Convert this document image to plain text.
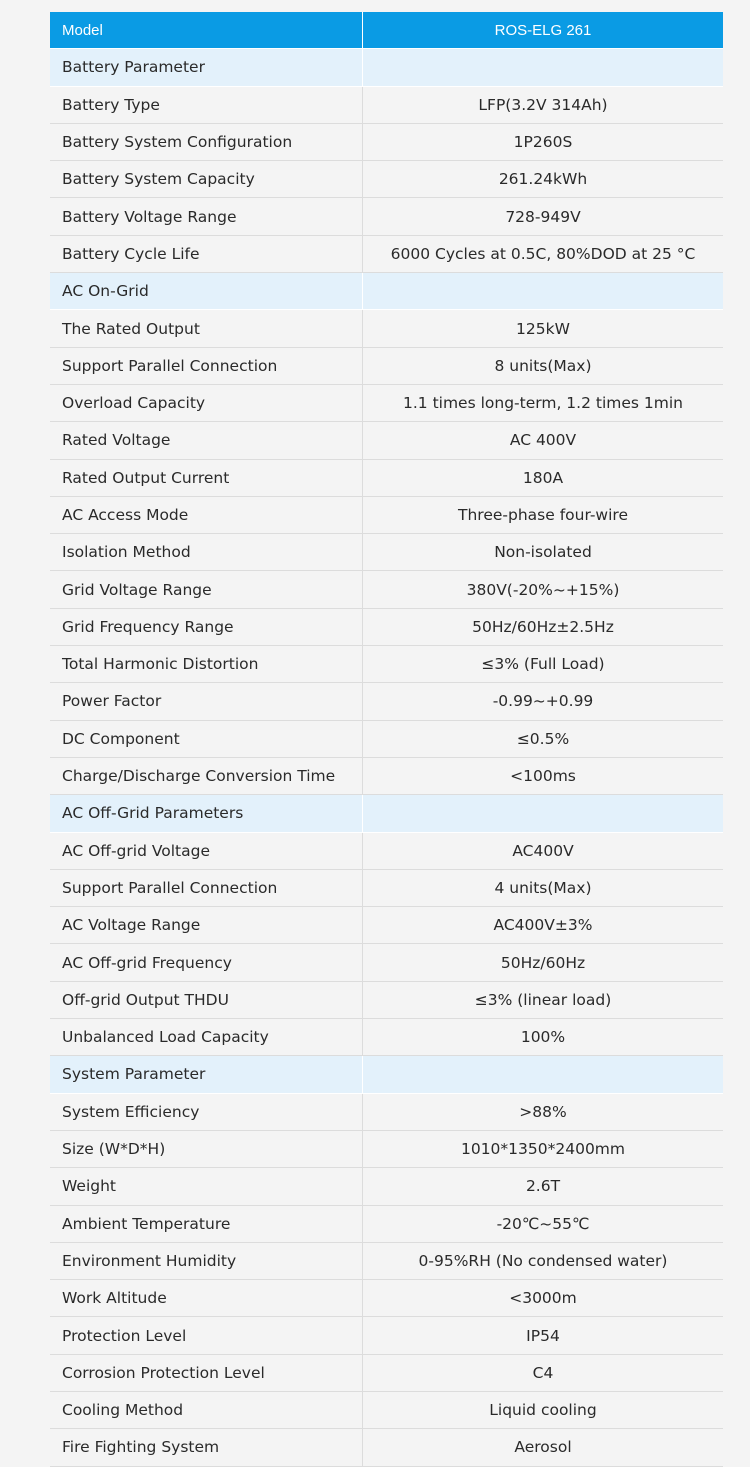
Model	ROS-ELG 261
Battery Parameter	
Battery Type	LFP(3.2V 314Ah)
Battery System Configuration	1P260S
Battery System Capacity	261.24kWh
Battery Voltage Range	728-949V
Battery Cycle Life	6000 Cycles at 0.5C, 80%DOD at 25 °C
AC On-Grid	
The Rated Output	125kW
Support Parallel Connection	8 units(Max)
Overload Capacity	1.1 times long-term, 1.2 times 1min
Rated Voltage	AC 400V
Rated Output Current	180A
AC Access Mode	Three-phase four-wire
Isolation Method	Non-isolated
Grid Voltage Range	380V(-20%~+15%)
Grid Frequency Range	50Hz/60Hz±2.5Hz
Total Harmonic Distortion	≤3% (Full Load)
Power Factor	-0.99~+0.99
DC Component	≤0.5%
Charge/Discharge Conversion Time	<100ms
AC Off-Grid Parameters	
AC Off-grid Voltage	AC400V
Support Parallel Connection	4 units(Max)
AC Voltage Range	AC400V±3%
AC Off-grid Frequency	50Hz/60Hz
Off-grid Output THDU	≤3% (linear load)
Unbalanced Load Capacity	100%
System Parameter	
System Efficiency	>88%
Size (W*D*H)	1010*1350*2400mm
Weight	2.6T
Ambient Temperature	-20℃~55℃
Environment Humidity	0-95%RH (No condensed water)
Work Altitude	<3000m
Protection Level	IP54
Corrosion Protection Level	C4
Cooling Method	Liquid cooling
Fire Fighting System	Aerosol
